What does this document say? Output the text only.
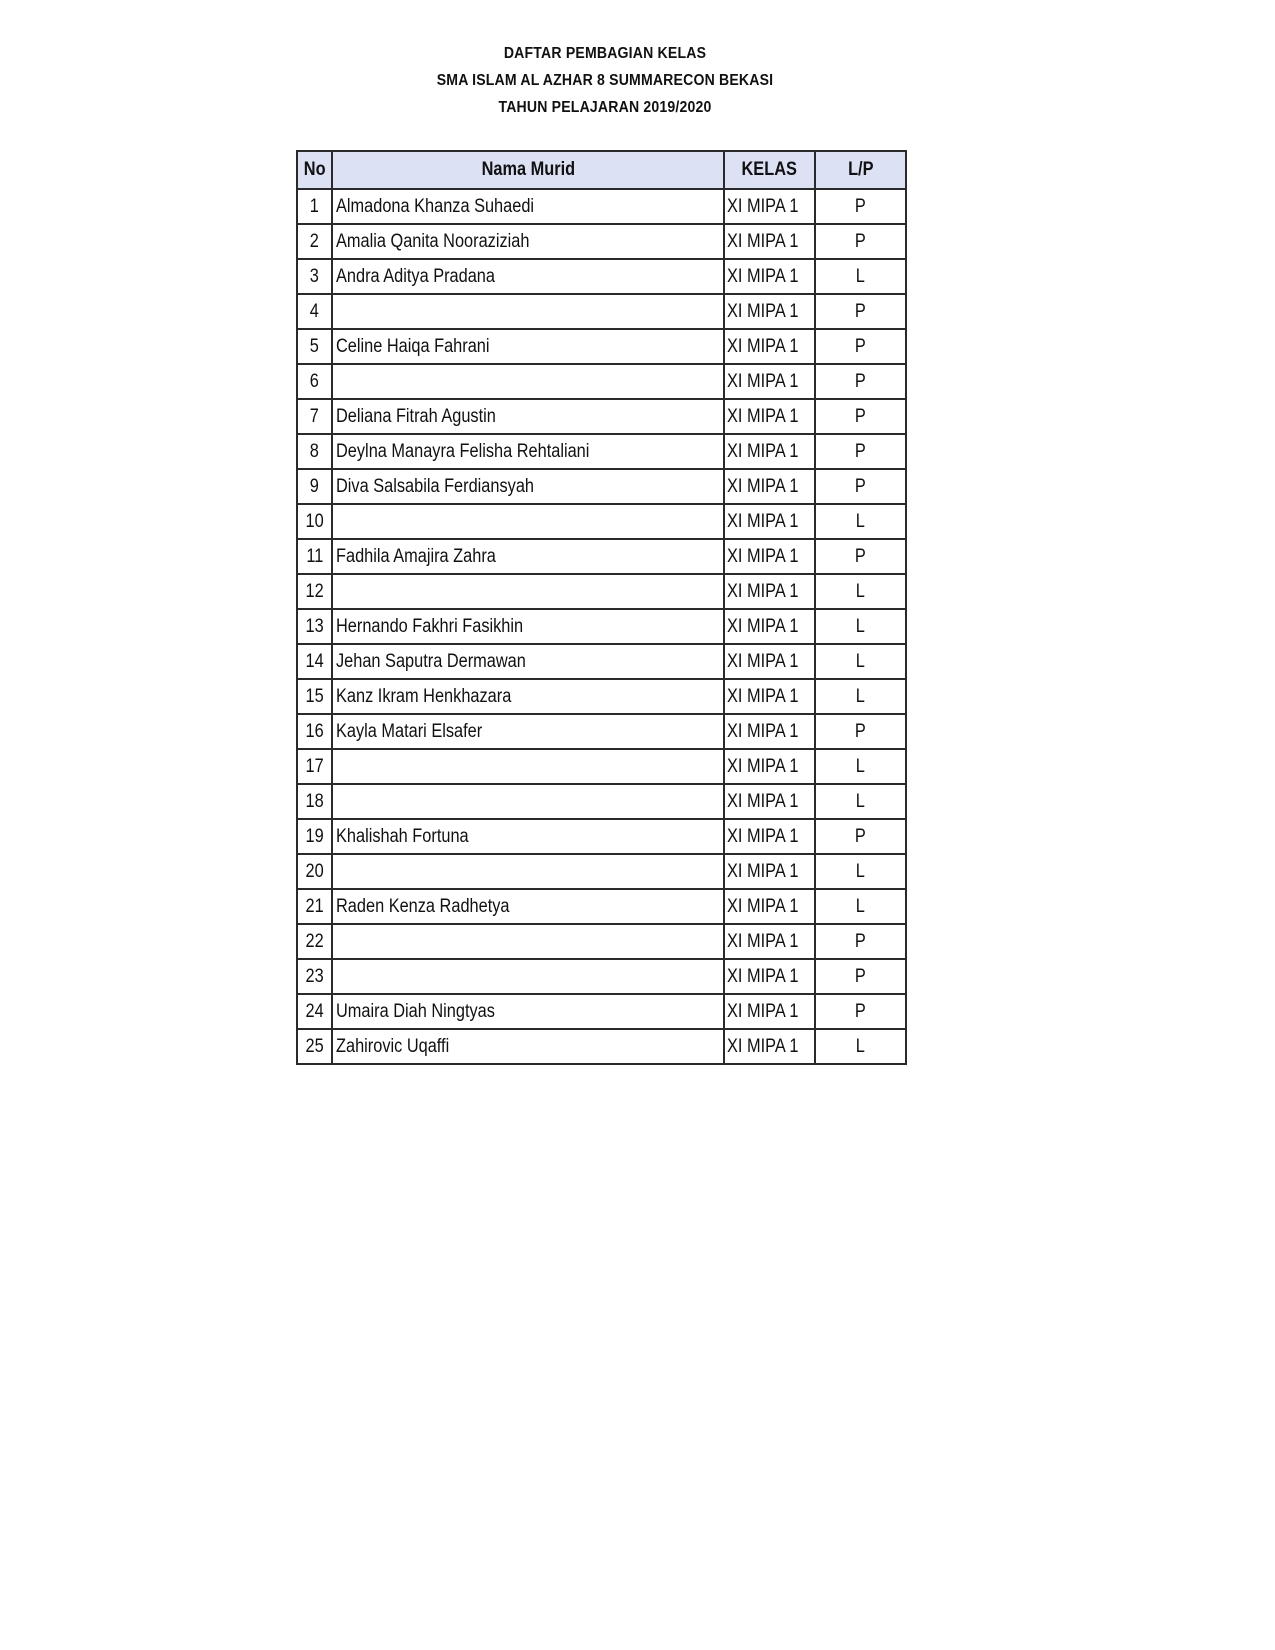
DAFTAR PEMBAGIAN KELAS
SMA ISLAM AL AZHAR 8 SUMMARECON BEKASI
TAHUN PELAJARAN 2019/2020
No	Nama Murid	KELAS	L/P
1	Almadona Khanza Suhaedi	XI MIPA 1	P
2	Amalia Qanita Nooraziziah	XI MIPA 1	P
3	Andra Aditya Pradana	XI MIPA 1	L
4		XI MIPA 1	P
5	Celine Haiqa Fahrani	XI MIPA 1	P
6		XI MIPA 1	P
7	Deliana Fitrah Agustin	XI MIPA 1	P
8	Deylna Manayra Felisha Rehtaliani	XI MIPA 1	P
9	Diva Salsabila Ferdiansyah	XI MIPA 1	P
10		XI MIPA 1	L
11	Fadhila Amajira Zahra	XI MIPA 1	P
12		XI MIPA 1	L
13	Hernando Fakhri Fasikhin	XI MIPA 1	L
14	Jehan Saputra Dermawan	XI MIPA 1	L
15	Kanz Ikram Henkhazara	XI MIPA 1	L
16	Kayla Matari Elsafer	XI MIPA 1	P
17		XI MIPA 1	L
18		XI MIPA 1	L
19	Khalishah Fortuna	XI MIPA 1	P
20		XI MIPA 1	L
21	Raden Kenza Radhetya	XI MIPA 1	L
22		XI MIPA 1	P
23		XI MIPA 1	P
24	Umaira Diah Ningtyas	XI MIPA 1	P
25	Zahirovic Uqaffi	XI MIPA 1	L
